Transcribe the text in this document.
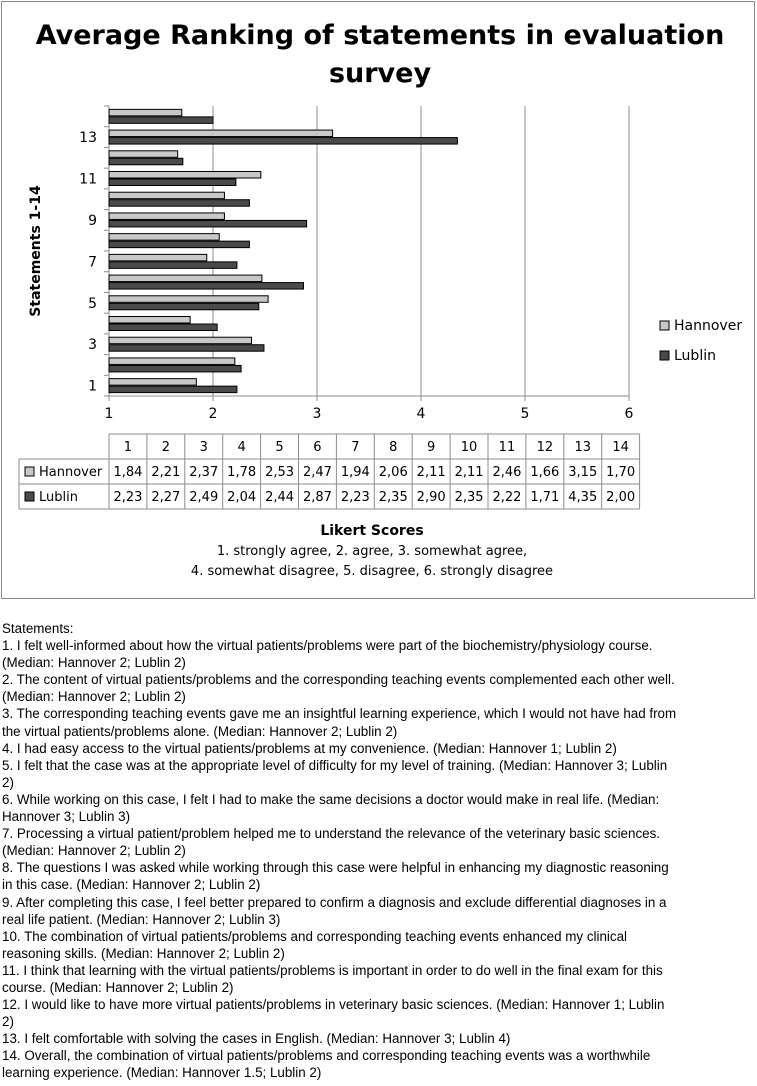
Average Ranking of statements in evaluation
survey
Statements 1-14
1	2	3	4	5	6
1
3
5
7
9
11
13
Hannover
Lublin
1 2 3 4 5 6 7 8 9 10 11 12 13 14
Hannover 1,84 2,21 2,37 1,78 2,53 2,47 1,94 2,06 2,11 2,11 2,46 1,66 3,15 1,70
Lublin	2,23 2,27 2,49 2,04 2,44 2,87 2,23 2,35 2,90 2,35 2,22 1,71 4,35 2,00
Likert Scores
1. strongly agree, 2. agree, 3. somewhat agree,
4. somewhat disagree, 5. disagree, 6. strongly disagree
Statements:
1. I felt well-informed about how the virtual patients/problems were part of the biochemistry/physiology course.
(Median: Hannover 2; Lublin 2)
2. The content of virtual patients/problems and the corresponding teaching events complemented each other well.
(Median: Hannover 2; Lublin 2)
3. The corresponding teaching events gave me an insightful learning experience, which I would not have had from
the virtual patients/problems alone. (Median: Hannover 2; Lublin 2)
4. I had easy access to the virtual patients/problems at my convenience. (Median: Hannover 1; Lublin 2)
5. I felt that the case was at the appropriate level of difficulty for my level of training. (Median: Hannover 3; Lublin
2)
6. While working on this case, I felt I had to make the same decisions a doctor would make in real life. (Median:
Hannover 3; Lublin 3)
7. Processing a virtual patient/problem helped me to understand the relevance of the veterinary basic sciences.
(Median: Hannover 2; Lublin 2)
8. The questions I was asked while working through this case were helpful in enhancing my diagnostic reasoning
in this case. (Median: Hannover 2; Lublin 2)
9. After completing this case, I feel better prepared to confirm a diagnosis and exclude differential diagnoses in a
real life patient. (Median: Hannover 2; Lublin 3)
10. The combination of virtual patients/problems and corresponding teaching events enhanced my clinical
reasoning skills. (Median: Hannover 2; Lublin 2)
11. I think that learning with the virtual patients/problems is important in order to do well in the final exam for this
course. (Median: Hannover 2; Lublin 2)
12. I would like to have more virtual patients/problems in veterinary basic sciences. (Median: Hannover 1; Lublin
2)
13. I felt comfortable with solving the cases in English. (Median: Hannover 3; Lublin 4)
14. Overall, the combination of virtual patients/problems and corresponding teaching events was a worthwhile
learning experience. (Median: Hannover 1.5; Lublin 2)
